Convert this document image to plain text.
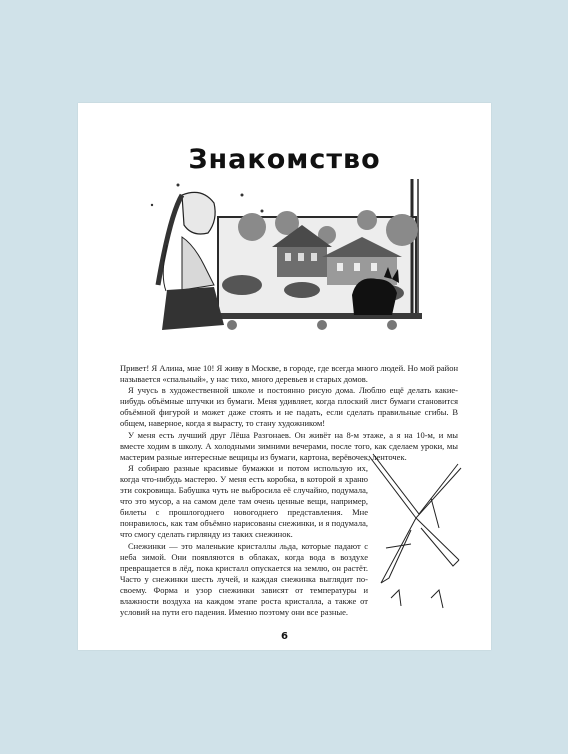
Знакомство

Привет! Я Алина, мне 10! Я живу в Москве, в городе, где всегда много людей. Но мой район называется «спальный», у нас тихо, много деревьев и старых домов.

Я учусь в художественной школе и постоянно рисую дома. Люблю ещё делать какие-нибудь объёмные штучки из бумаги. Меня удивляет, когда плоский лист бумаги становится объёмной фигурой и может даже стоять и не падать, если сделать правильные сгибы. В общем, наверное, когда я вырасту, то стану художником!

У меня есть лучший друг Лёша Разгонаев. Он живёт на 8-м этаже, а я на 10-м, и мы вместе ходим в школу. А холодными зимними вечерами, после того, как сделаем уроки, мы мастерим разные интересные вещицы из бумаги, картона, верёвочек, ленточек.

Я собираю разные красивые бумажки и потом использую их, когда что-нибудь мастерю. У меня есть коробка, в которой я храню эти сокровища. Бабушка чуть не выбросила её случайно, подумала, что это мусор, а на самом деле там очень ценные вещи, например, билеты с прошлогоднего новогоднего представления. Мне понравилось, как там объёмно нарисованы снежинки, и я подумала, что смогу сделать гирлянду из таких снежинок.

Снежинки — это маленькие кристаллы льда, которые падают с неба зимой. Они появляются в облаках, когда вода в воздухе превращается в лёд, пока кристалл опускается на землю, он растёт. Часто у снежинки шесть лучей, и каждая снежинка выглядит по-своему. Форма и узор снежинки зависят от температуры и влажности воздуха на каждом этапе роста кристалла, а также от условий на пути его падения. Именно поэтому они все разные.

6
